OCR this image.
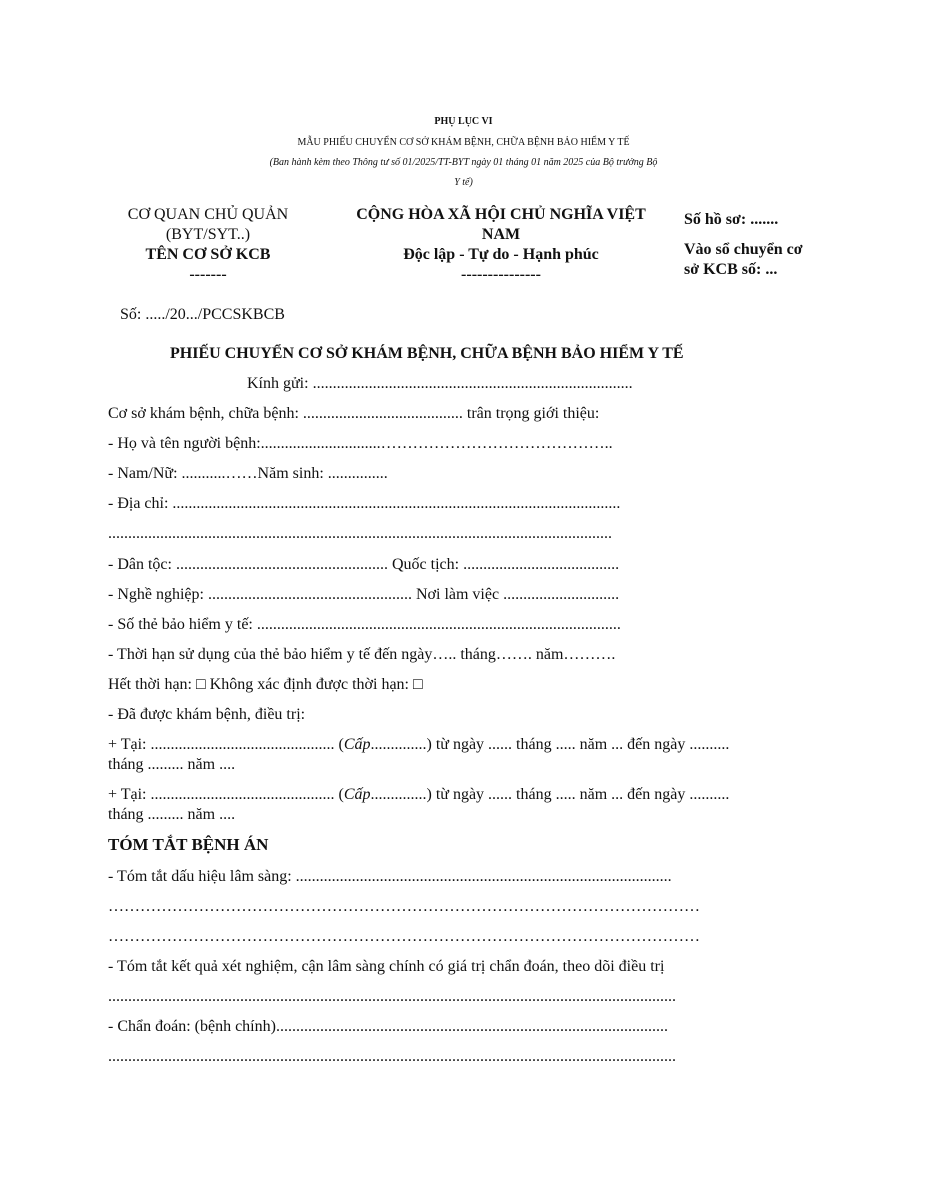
PHỤ LỤC VI
MẪU PHIẾU CHUYỂN CƠ SỞ KHÁM BỆNH, CHỮA BỆNH BẢO HIỂM Y TẾ
(Ban hành kèm theo Thông tư số 01/2025/TT-BYT ngày 01 tháng 01 năm 2025 của Bộ trưởng Bộ
Y tế)
CƠ QUAN CHỦ QUẢN
(BYT/SYT..)
TÊN CƠ SỞ KCB
-------
CỘNG HÒA XÃ HỘI CHỦ NGHĨA VIỆT
NAM
Độc lập - Tự do - Hạnh phúc
---------------
Số hồ sơ: .......
Vào sổ chuyển cơ
sở KCB số: ...
Số: ...../20.../PCCSKBCB
PHIẾU CHUYỂN CƠ SỞ KHÁM BỆNH, CHỮA BỆNH BẢO HIỂM Y TẾ
Kính gửi: ................................................................................
Cơ sở khám bệnh, chữa bệnh: ........................................ trân trọng giới thiệu:
- Họ và tên người bệnh:..............................……………………………………..
- Nam/Nữ: ...........……Năm sinh: ...............
- Địa chỉ: ................................................................................................................
..............................................................................................................................
- Dân tộc: ..................................................... Quốc tịch: .......................................
- Nghề nghiệp: ................................................... Nơi làm việc .............................
- Số thẻ bảo hiểm y tế: ...........................................................................................
- Thời hạn sử dụng của thẻ bảo hiểm y tế đến ngày….. tháng……. năm……….
Hết thời hạn: □ Không xác định được thời hạn: □
- Đã được khám bệnh, điều trị:
+ Tại: .............................................. (Cấp..............) từ ngày ...... tháng ..... năm ... đến ngày ..........
tháng ......... năm ....
+ Tại: .............................................. (Cấp..............) từ ngày ...... tháng ..... năm ... đến ngày ..........
tháng ......... năm ....
TÓM TẮT BỆNH ÁN
- Tóm tắt dấu hiệu lâm sàng: ..............................................................................................
…………………………………………………………………………………………………
…………………………………………………………………………………………………
- Tóm tắt kết quả xét nghiệm, cận lâm sàng chính có giá trị chẩn đoán, theo dõi điều trị
..............................................................................................................................................
- Chẩn đoán: (bệnh chính)..................................................................................................
..............................................................................................................................................
